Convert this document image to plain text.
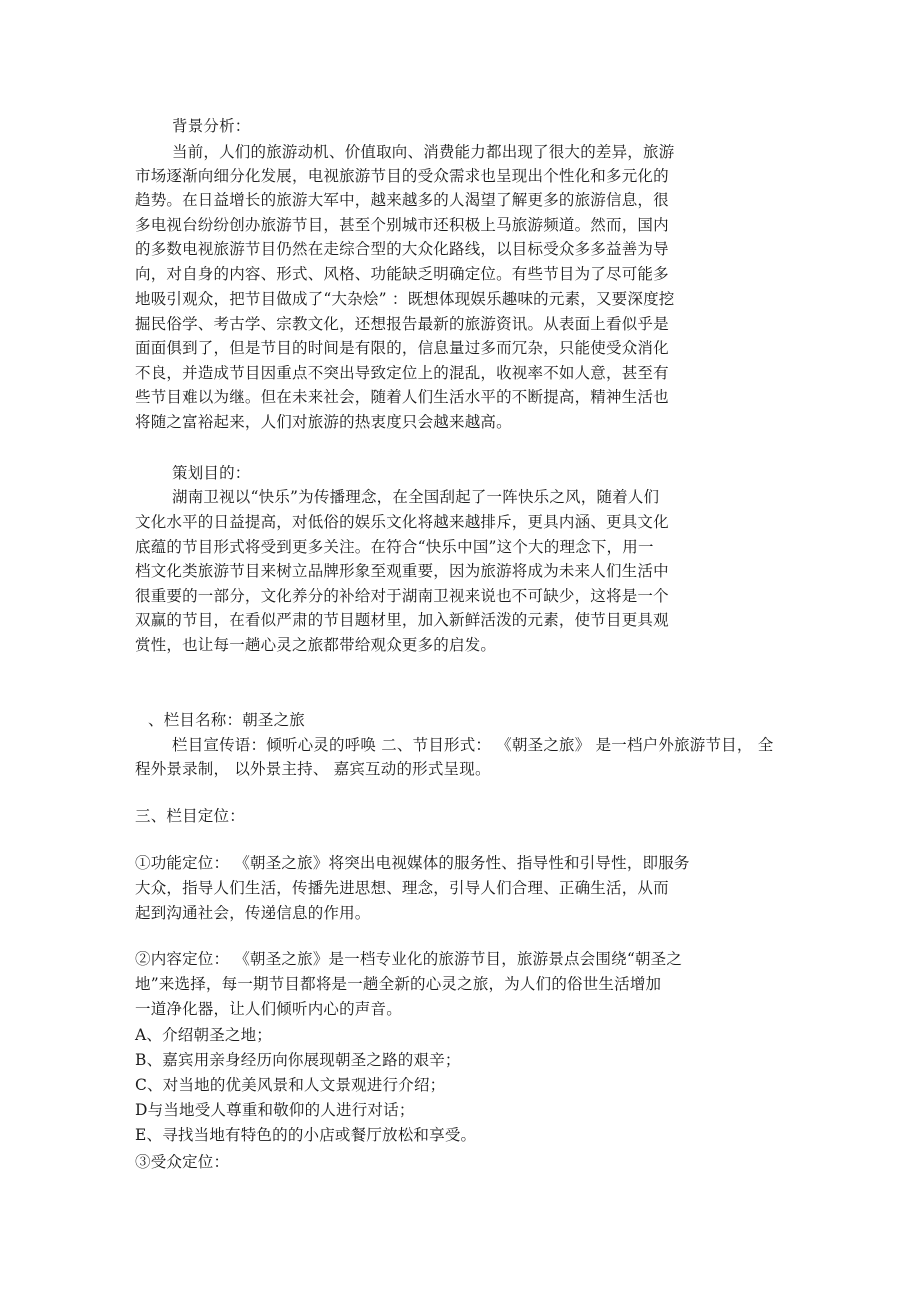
背景分析：
当前，人们的旅游动机、价值取向、消费能力都出现了很大的差异，旅游
市场逐渐向细分化发展，电视旅游节目的受众需求也呈现出个性化和多元化的
趋势。在日益增长的旅游大军中，越来越多的人渴望了解更多的旅游信息，很
多电视台纷纷创办旅游节目，甚至个别城市还积极上马旅游频道。然而，国内
的多数电视旅游节目仍然在走综合型的大众化路线，以目标受众多多益善为导
向，对自身的内容、形式、风格、功能缺乏明确定位。有些节目为了尽可能多
地吸引观众，把节目做成了“大杂烩” ：既想体现娱乐趣味的元素，又要深度挖
掘民俗学、考古学、宗教文化，还想报告最新的旅游资讯。从表面上看似乎是
面面俱到了，但是节目的时间是有限的，信息量过多而冗杂，只能使受众消化
不良，并造成节目因重点不突出导致定位上的混乱，收视率不如人意，甚至有
些节目难以为继。但在未来社会，随着人们生活水平的不断提高，精神生活也
将随之富裕起来，人们对旅游的热衷度只会越来越高。
策划目的：
湖南卫视以“快乐”为传播理念，在全国刮起了一阵快乐之风，随着人们
文化水平的日益提高，对低俗的娱乐文化将越来越排斥，更具内涵、更具文化
底蕴的节目形式将受到更多关注。在符合“快乐中国”这个大的理念下，用一
档文化类旅游节目来树立品牌形象至观重要，因为旅游将成为未来人们生活中
很重要的一部分，文化养分的补给对于湖南卫视来说也不可缺少，这将是一个
双赢的节目，在看似严肃的节目题材里，加入新鲜活泼的元素，使节目更具观
赏性，也让每一趟心灵之旅都带给观众更多的启发。
、栏目名称：朝圣之旅
栏目宣传语：倾听心灵的呼唤 二、节目形式： 《朝圣之旅》 是一档户外旅游节目， 全
程外景录制， 以外景主持、 嘉宾互动的形式呈现。
三、栏目定位：
①功能定位： 《朝圣之旅》将突出电视媒体的服务性、指导性和引导性，即服务
大众，指导人们生活，传播先进思想、理念，引导人们合理、正确生活，从而
起到沟通社会，传递信息的作用。
②内容定位： 《朝圣之旅》是一档专业化的旅游节目，旅游景点会围绕“朝圣之
地”来选择，每一期节目都将是一趟全新的心灵之旅，为人们的俗世生活增加
一道净化器，让人们倾听内心的声音。
A、介绍朝圣之地；
B、嘉宾用亲身经历向你展现朝圣之路的艰辛；
C、对当地的优美风景和人文景观进行介绍；
D与当地受人尊重和敬仰的人进行对话；
E、寻找当地有特色的的小店或餐厅放松和享受。
③受众定位：
